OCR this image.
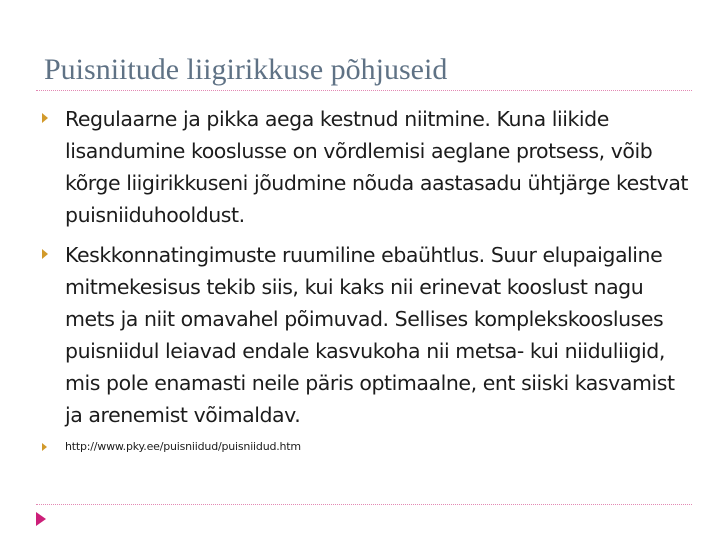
Puisniitude liigirikkuse põhjuseid
Regulaarne ja pikka aega kestnud niitmine. Kuna liikide lisandumine kooslusse on võrdlemisi aeglane protsess, võib kõrge liigirikkuseni jõudmine nõuda aastasadu ühtjärge kestvat puisniiduhooldust.
Keskkonnatingimuste ruumiline ebaühtlus. Suur elupaigaline mitmekesisus tekib siis, kui kaks nii erinevat kooslust nagu mets ja niit omavahel põimuvad. Sellises komplekskoosluses puisniidul leiavad endale kasvukoha nii metsa- kui niiduliigid, mis pole enamasti neile päris optimaalne, ent siiski kasvamist ja arenemist võimaldav.
http://www.pky.ee/puisniidud/puisniidud.htm
